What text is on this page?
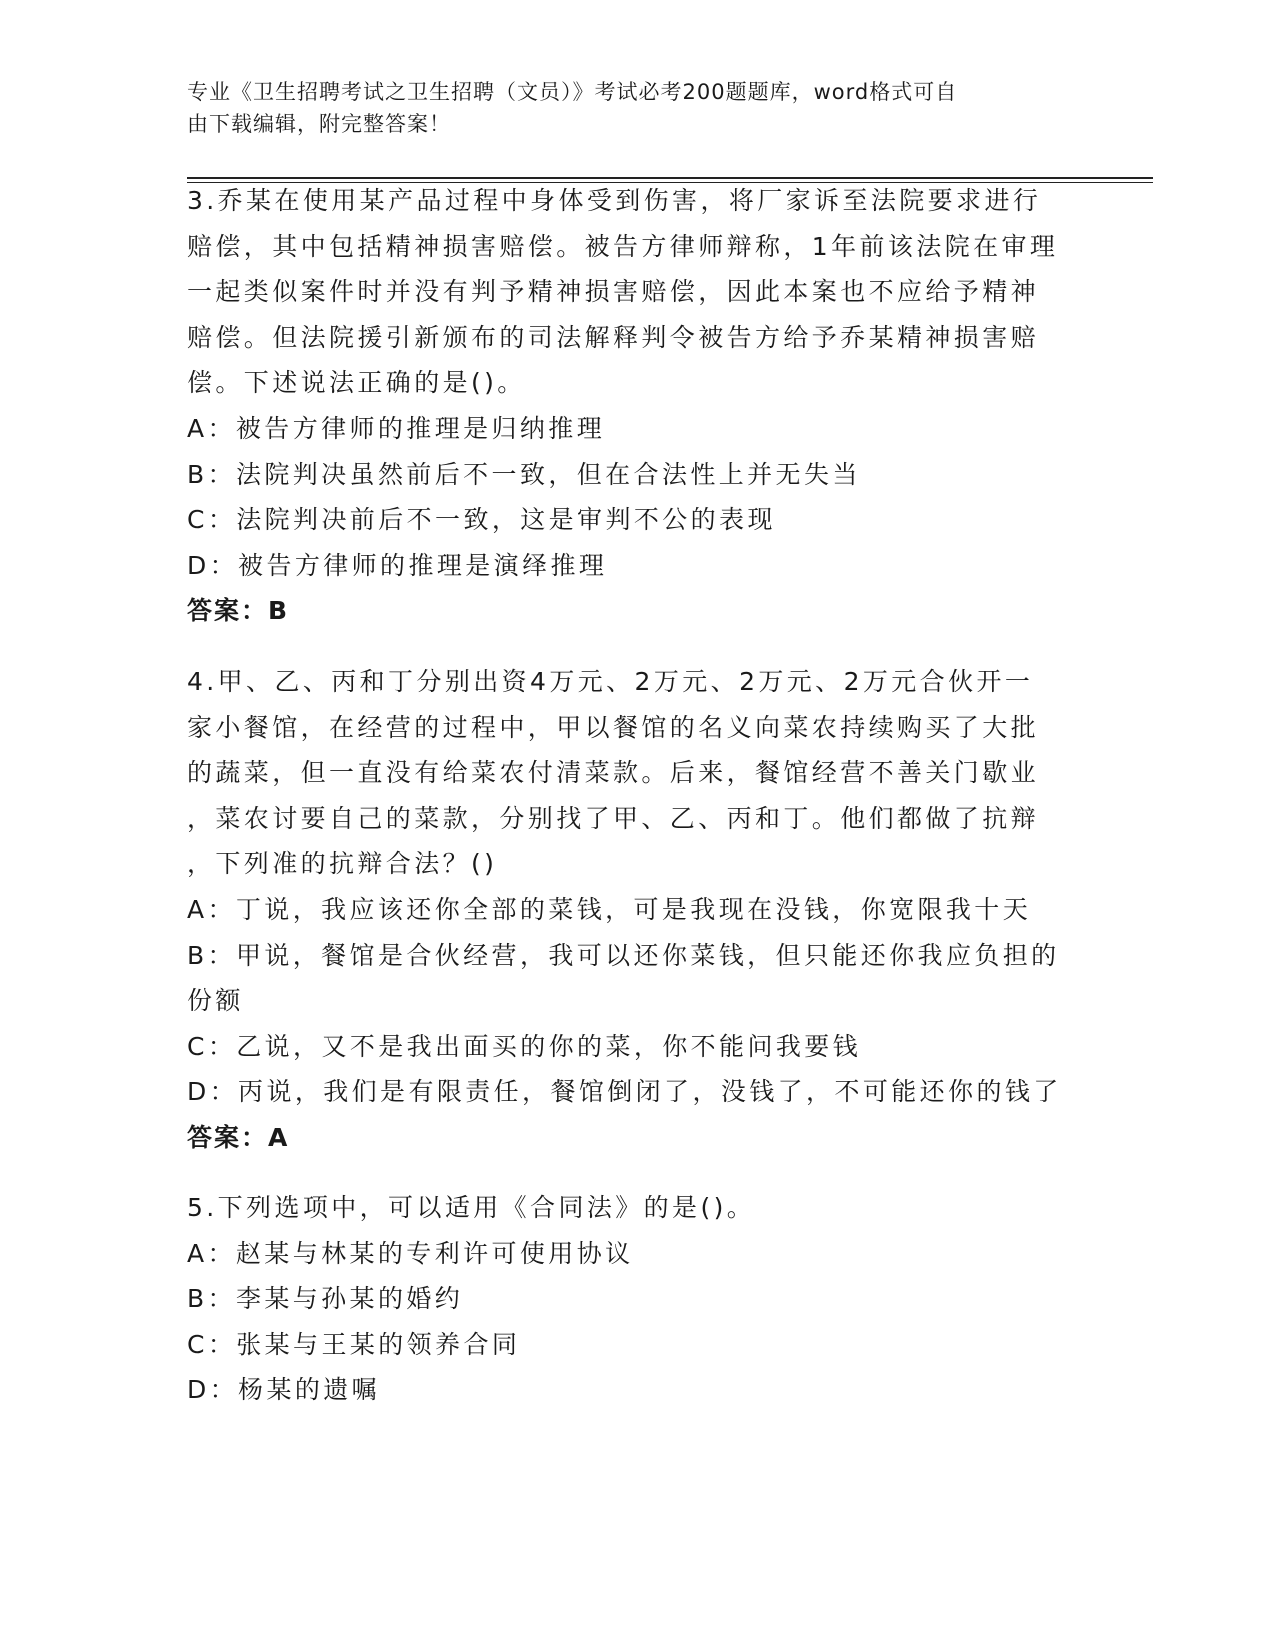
专业《卫生招聘考试之卫生招聘（文员）》考试必考200题题库，word格式可自
由下载编辑，附完整答案！

3.乔某在使用某产品过程中身体受到伤害，将厂家诉至法院要求进行

赔偿，其中包括精神损害赔偿。被告方律师辩称，1年前该法院在审理

一起类似案件时并没有判予精神损害赔偿，因此本案也不应给予精神

赔偿。但法院援引新颁布的司法解释判令被告方给予乔某精神损害赔

偿。下述说法正确的是()。

A：被告方律师的推理是归纳推理

B：法院判决虽然前后不一致，但在合法性上并无失当

C：法院判决前后不一致，这是审判不公的表现

D：被告方律师的推理是演绎推理

答案：B

4.甲、乙、丙和丁分别出资4万元、2万元、2万元、2万元合伙开一

家小餐馆，在经营的过程中，甲以餐馆的名义向菜农持续购买了大批

的蔬菜，但一直没有给菜农付清菜款。后来，餐馆经营不善关门歇业

，菜农讨要自己的菜款，分别找了甲、乙、丙和丁。他们都做了抗辩

，下列准的抗辩合法？()

A：丁说，我应该还你全部的菜钱，可是我现在没钱，你宽限我十天

B：甲说，餐馆是合伙经营，我可以还你菜钱，但只能还你我应负担的

份额

C：乙说，又不是我出面买的你的菜，你不能问我要钱

D：丙说，我们是有限责任，餐馆倒闭了，没钱了，不可能还你的钱了

答案：A

5.下列选项中，可以适用《合同法》的是()。

A：赵某与林某的专利许可使用协议

B：李某与孙某的婚约

C：张某与王某的领养合同

D：杨某的遗嘱
